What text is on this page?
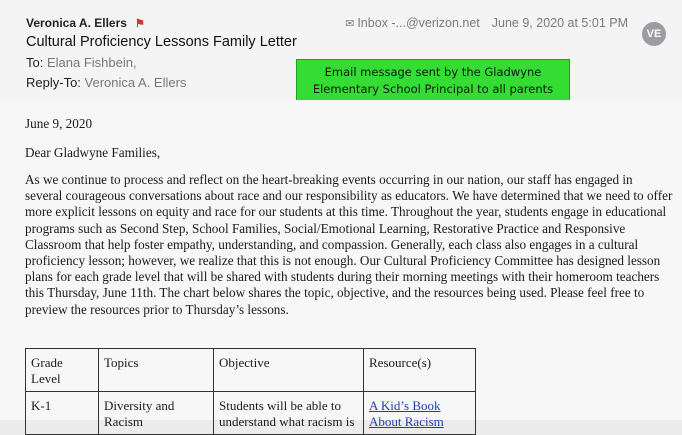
Veronica A. Ellers ⚑
Cultural Proficiency Lessons Family Letter
To: Elana Fishbein,
Reply-To: Veronica A. Ellers
✉ Inbox -...@verizon.net June 9, 2020 at 5:01 PM
VE
Email message sent by the Gladwyne Elementary School Principal to all parents
June 9, 2020
Dear Gladwyne Families,

As we continue to process and reflect on the heart-breaking events occurring in our nation, our staff has engaged in several courageous conversations about race and our responsibility as educators. We have determined that we need to offer more explicit lessons on equity and race for our students at this time. Throughout the year, students engage in educational programs such as Second Step, School Families, Social/Emotional Learning, Restorative Practice and Responsive Classroom that help foster empathy, understanding, and compassion. Generally, each class also engages in a cultural proficiency lesson; however, we realize that this is not enough. Our Cultural Proficiency Committee has designed lesson plans for each grade level that will be shared with students during their morning meetings with their homeroom teachers this Thursday, June 11th. The chart below shares the topic, objective, and the resources being used. Please feel free to preview the resources prior to Thursday’s lessons.

Grade Level	Topics	Objective	Resource(s)
K-1	Diversity and Racism	Students will be able to understand what racism is	A Kid’s Book About Racism
